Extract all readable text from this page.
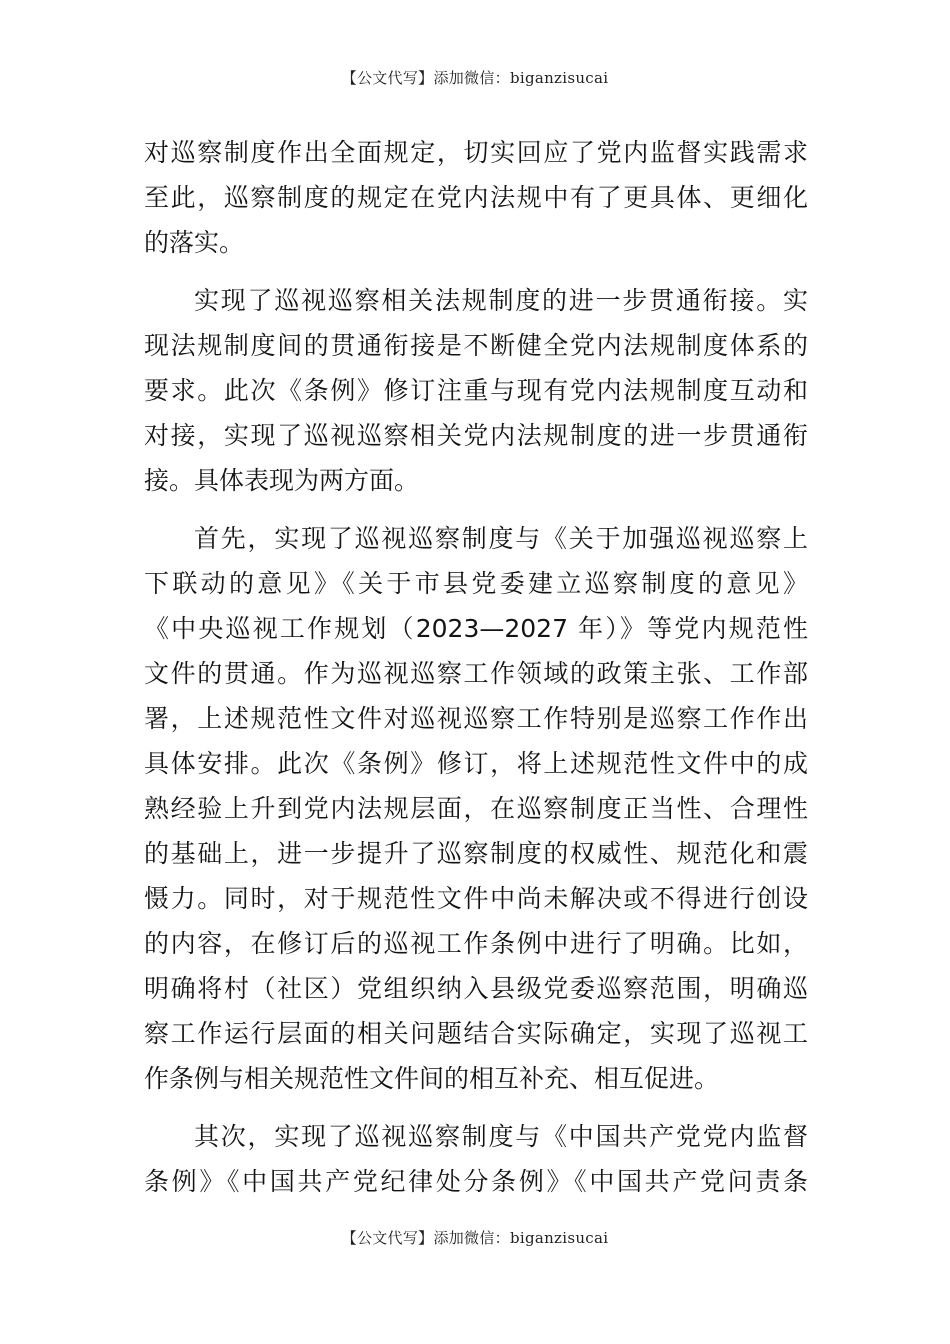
【公文代写】添加微信：biganzisucai
对巡察制度作出全面规定，切实回应了党内监督实践需求
至此，巡察制度的规定在党内法规中有了更具体、更细化
的落实。
实现了巡视巡察相关法规制度的进一步贯通衔接。实
现法规制度间的贯通衔接是不断健全党内法规制度体系的
要求。此次《条例》修订注重与现有党内法规制度互动和
对接，实现了巡视巡察相关党内法规制度的进一步贯通衔
接。具体表现为两方面。
首先，实现了巡视巡察制度与《关于加强巡视巡察上
下联动的意见》《关于市县党委建立巡察制度的意见》
《中央巡视工作规划（2023—2027 年）》等党内规范性
文件的贯通。作为巡视巡察工作领域的政策主张、工作部
署，上述规范性文件对巡视巡察工作特别是巡察工作作出
具体安排。此次《条例》修订，将上述规范性文件中的成
熟经验上升到党内法规层面，在巡察制度正当性、合理性
的基础上，进一步提升了巡察制度的权威性、规范化和震
慑力。同时，对于规范性文件中尚未解决或不得进行创设
的内容，在修订后的巡视工作条例中进行了明确。比如，
明确将村（社区）党组织纳入县级党委巡察范围，明确巡
察工作运行层面的相关问题结合实际确定，实现了巡视工
作条例与相关规范性文件间的相互补充、相互促进。
其次，实现了巡视巡察制度与《中国共产党党内监督
条例》《中国共产党纪律处分条例》《中国共产党问责条
【公文代写】添加微信：biganzisucai
